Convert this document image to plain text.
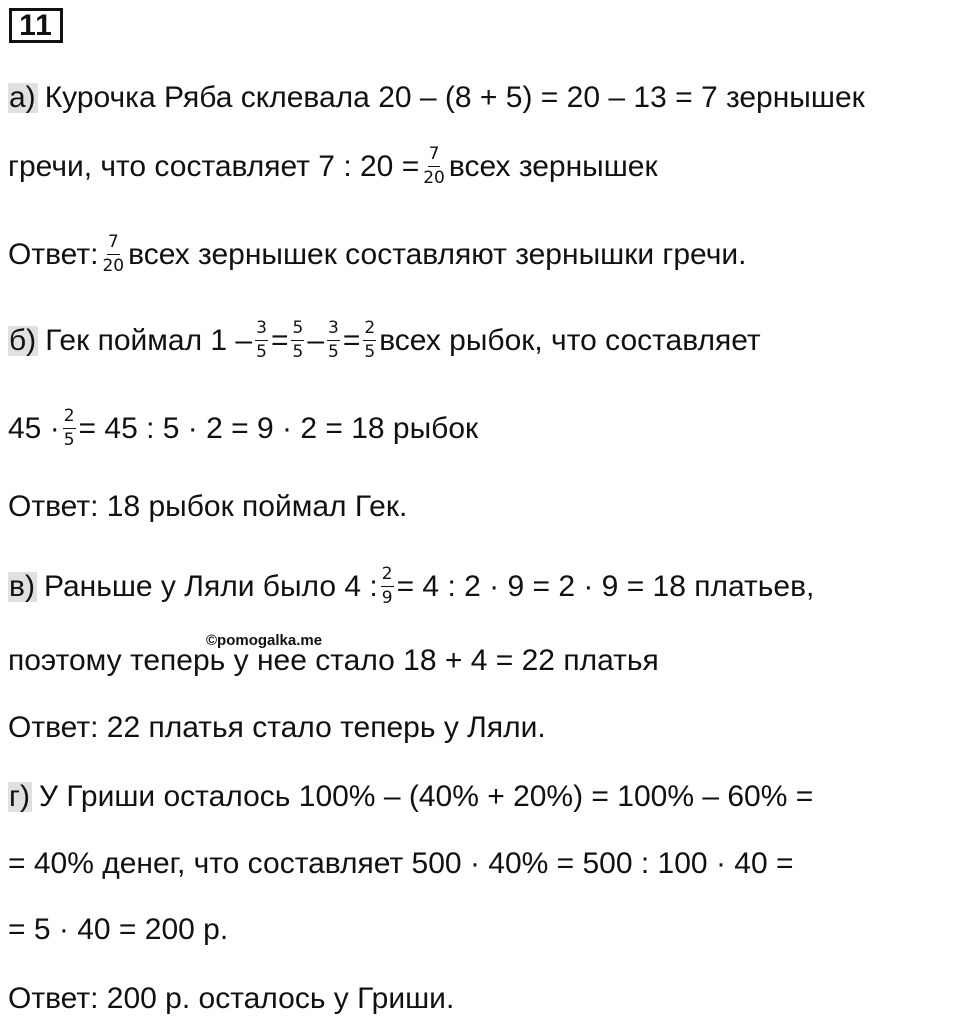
11
а) Курочка Ряба склевала 20 – (8 + 5) = 20 – 13 = 7 зернышек
гречи, что составляет 7 : $20 = \frac{7}{20}$ всех зернышек
Ответ: $\frac{7}{20}$ всех зернышек составляют зернышки гречи.
б) Гек поймал $1 - \frac{3}{5} = \frac{5}{5} - \frac{3}{5} = \frac{2}{5}$ всех рыбок, что составляет
$45 \cdot \frac{2}{5} = 45$ : 5 · 2 = 9 · 2 = 18 рыбок
Ответ: 18 рыбок поймал Гек.
в) Раньше у Ляли было 4 : $\frac{2}{9} = 4$ : 2 · 9 = 2 · 9 = 18 платьев,
©pomogalka.me
поэтому теперь у нее стало 18 + 4 = 22 платья
Ответ: 22 платья стало теперь у Ляли.
г) У Гриши осталось 100% – (40% + 20%) = 100% – 60% =
= 40% денег, что составляет 500 · 40% = 500 : 100 · 40 =
= 5 · 40 = 200 р.
Ответ: 200 р. осталось у Гриши.
